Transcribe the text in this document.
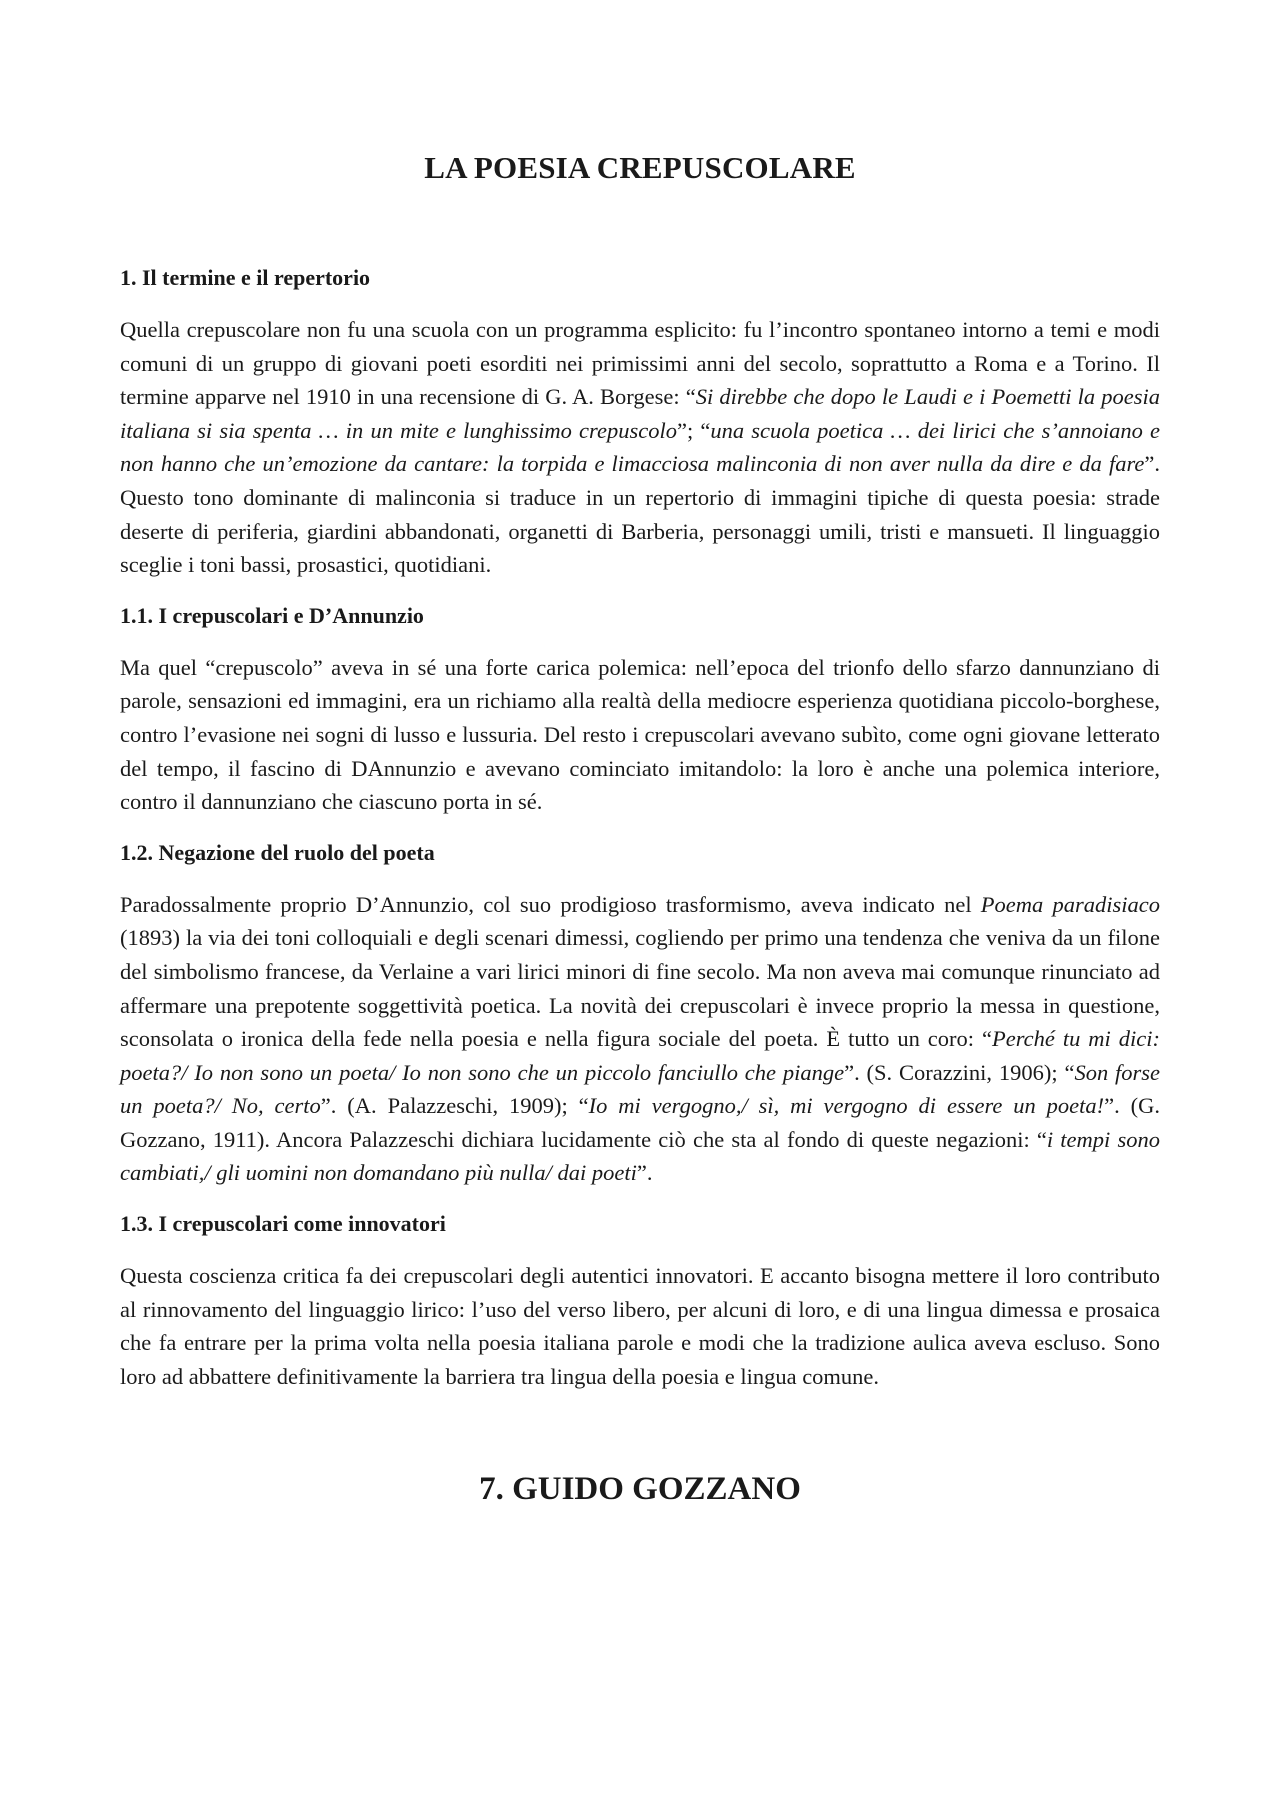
LA POESIA CREPUSCOLARE
1. Il termine e il repertorio

Quella crepuscolare non fu una scuola con un programma esplicito: fu l’incontro spontaneo intorno a temi e modi comuni di un gruppo di giovani poeti esorditi nei primissimi anni del secolo, soprattutto a Roma e a Torino. Il termine apparve nel 1910 in una recensione di G. A. Borgese: “Si direbbe che dopo le Laudi e i Poemetti la poesia italiana si sia spenta … in un mite e lunghissimo crepuscolo”; “una scuola poetica … dei lirici che s’annoiano e non hanno che un’emozione da cantare: la torpida e limacciosa malinconia di non aver nulla da dire e da fare”. Questo tono dominante di malinconia si traduce in un repertorio di immagini tipiche di questa poesia: strade deserte di periferia, giardini abbandonati, organetti di Barberia, personaggi umili, tristi e mansueti. Il linguaggio sceglie i toni bassi, prosastici, quotidiani.

1.1. I crepuscolari e D’Annunzio

Ma quel “crepuscolo” aveva in sé una forte carica polemica: nell’epoca del trionfo dello sfarzo dannunziano di parole, sensazioni ed immagini, era un richiamo alla realtà della mediocre esperienza quotidiana piccolo-borghese, contro l’evasione nei sogni di lusso e lussuria. Del resto i crepuscolari avevano subìto, come ogni giovane letterato del tempo, il fascino di DAnnunzio e avevano cominciato imitandolo: la loro è anche una polemica interiore, contro il dannunziano che ciascuno porta in sé.

1.2. Negazione del ruolo del poeta

Paradossalmente proprio D’Annunzio, col suo prodigioso trasformismo, aveva indicato nel Poema paradisiaco (1893) la via dei toni colloquiali e degli scenari dimessi, cogliendo per primo una tendenza che veniva da un filone del simbolismo francese, da Verlaine a vari lirici minori di fine secolo. Ma non aveva mai comunque rinunciato ad affermare una prepotente soggettività poetica. La novità dei crepuscolari è invece proprio la messa in questione, sconsolata o ironica della fede nella poesia e nella figura sociale del poeta. È tutto un coro: “Perché tu mi dici: poeta?/ Io non sono un poeta/ Io non sono che un piccolo fanciullo che piange”. (S. Corazzini, 1906); “Son forse un poeta?/ No, certo”. (A. Palazzeschi, 1909); “Io mi vergogno,/ sì, mi vergogno di essere un poeta!”. (G. Gozzano, 1911). Ancora Palazzeschi dichiara lucidamente ciò che sta al fondo di queste negazioni: “i tempi sono cambiati,/ gli uomini non domandano più nulla/ dai poeti”.

1.3. I crepuscolari come innovatori

Questa coscienza critica fa dei crepuscolari degli autentici innovatori. E accanto bisogna mettere il loro contributo al rinnovamento del linguaggio lirico: l’uso del verso libero, per alcuni di loro, e di una lingua dimessa e prosaica che fa entrare per la prima volta nella poesia italiana parole e modi che la tradizione aulica aveva escluso. Sono loro ad abbattere definitivamente la barriera tra lingua della poesia e lingua comune.

7. GUIDO GOZZANO
